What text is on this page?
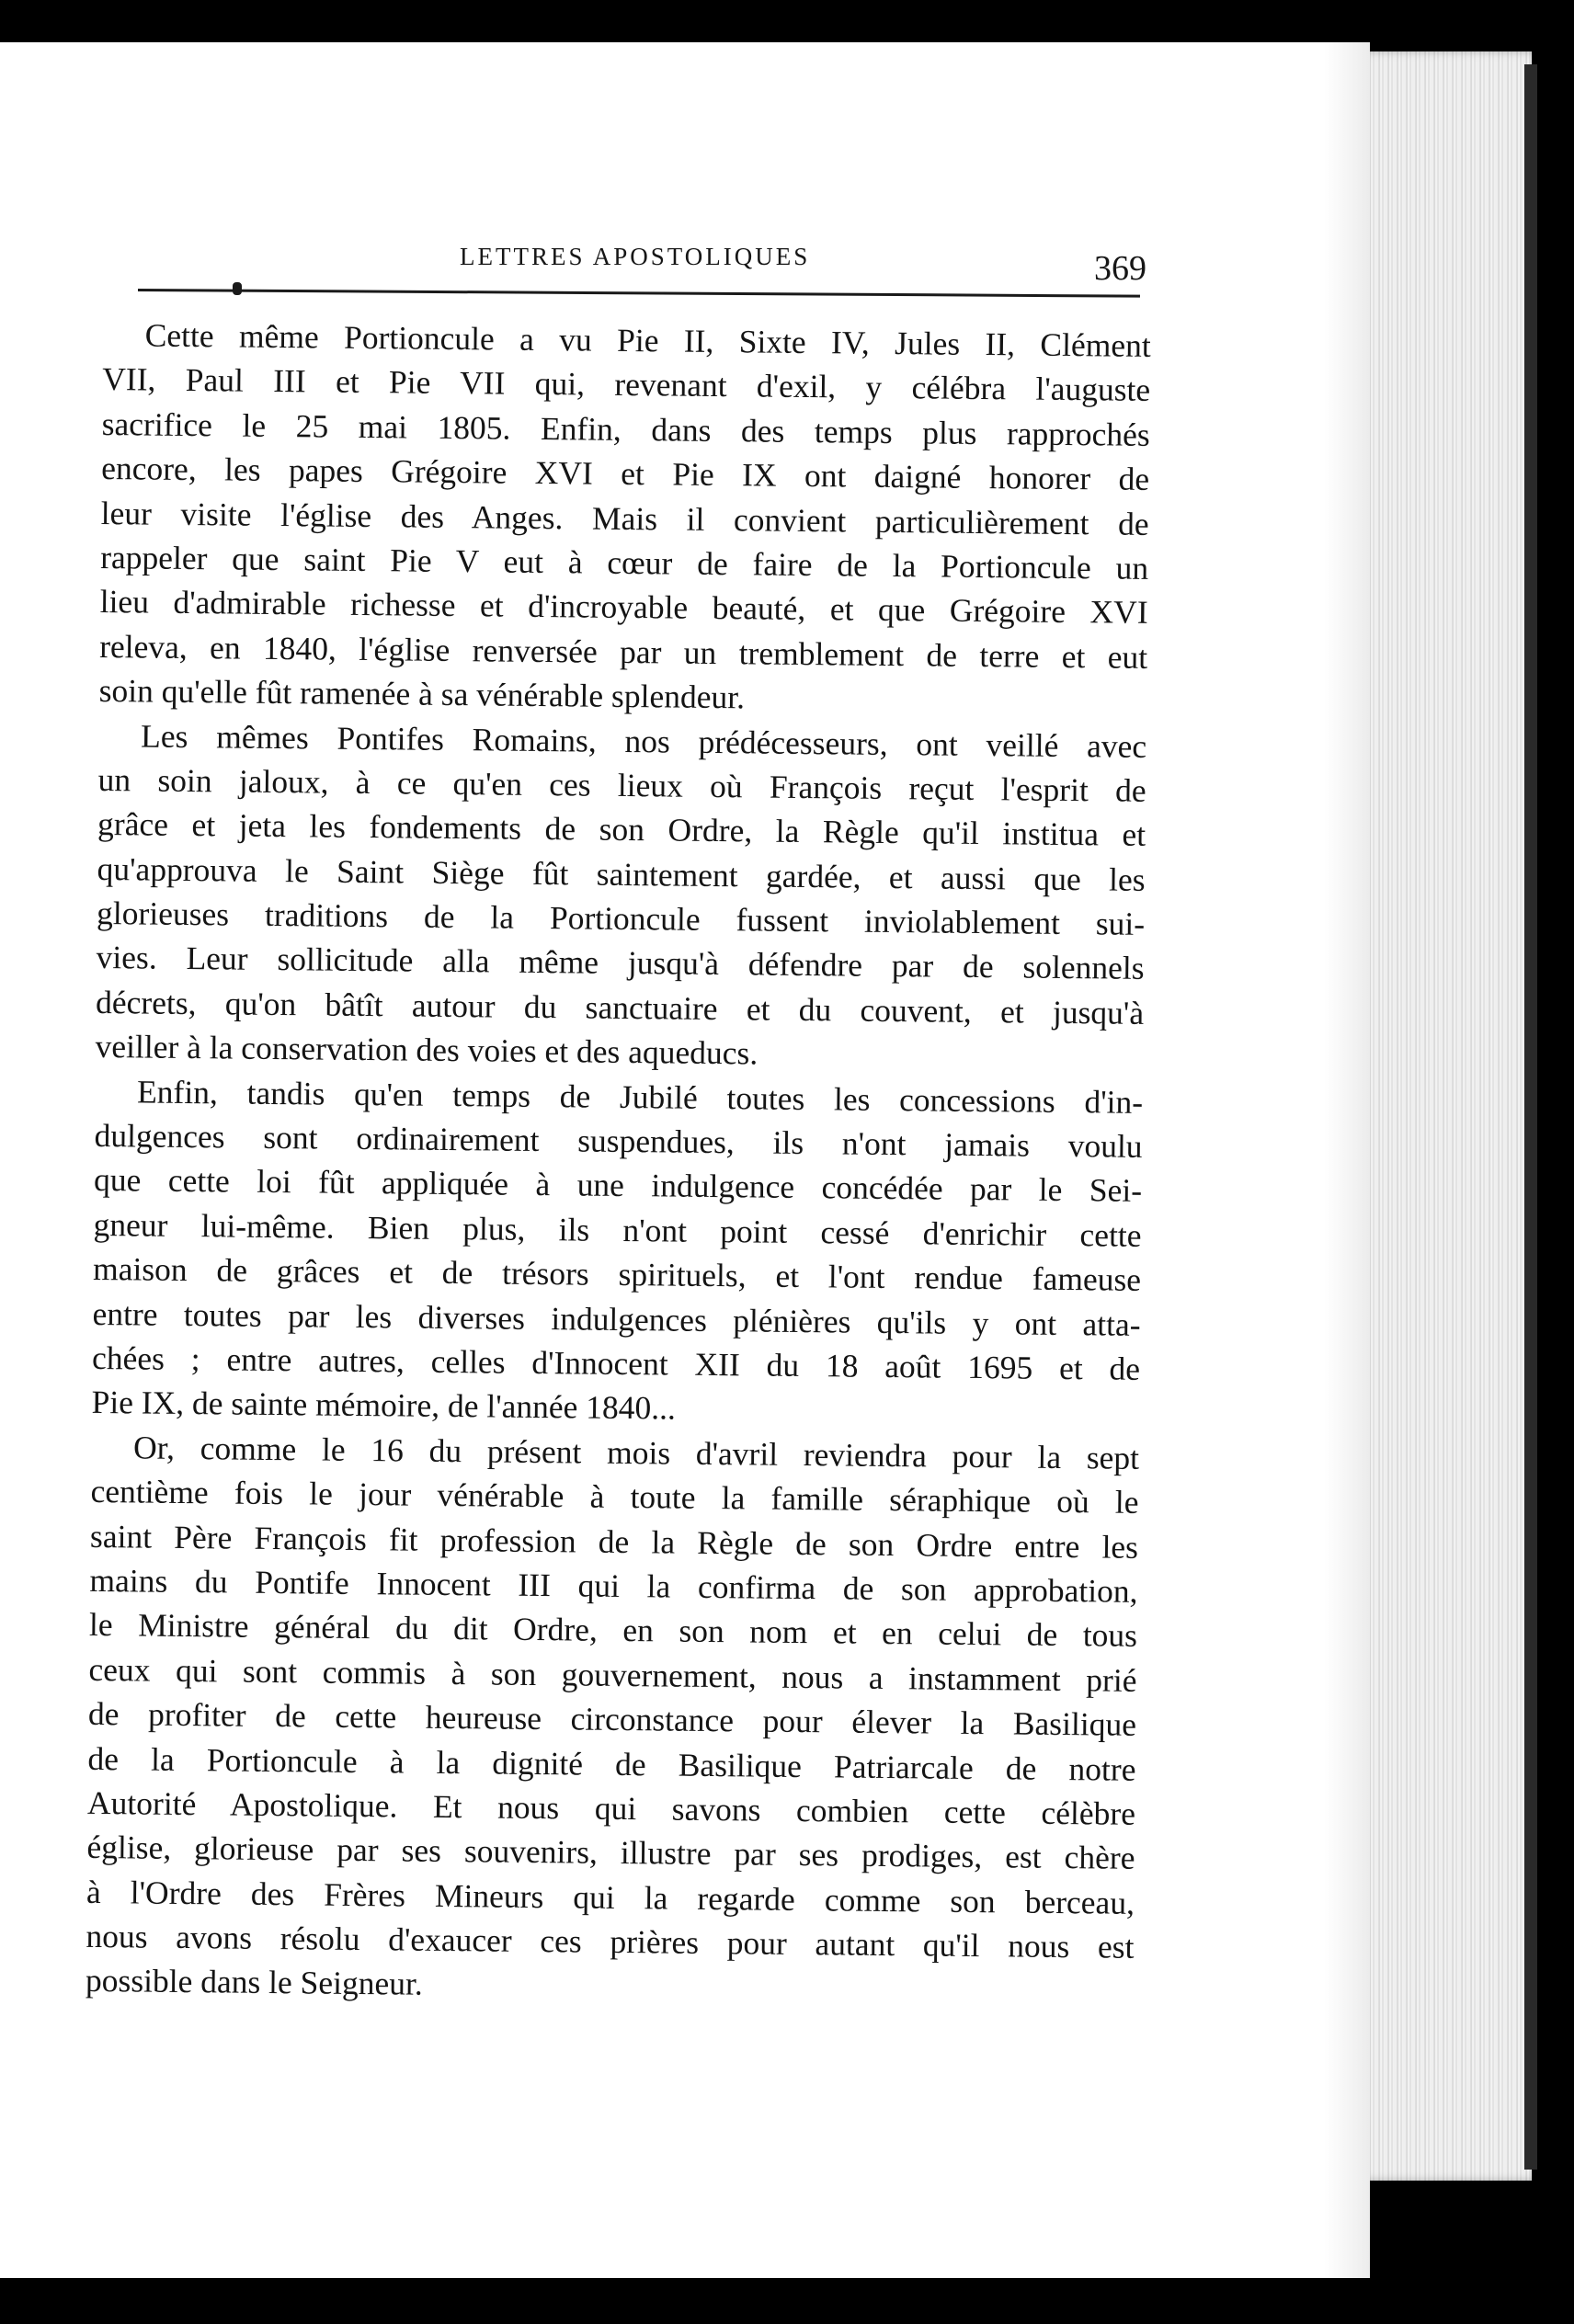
LETTRES APOSTOLIQUES	369
Cette même Portioncule a vu Pie II, Sixte IV, Jules II, Clément
VII, Paul III et Pie VII qui, revenant d'exil, y célébra l'auguste
sacrifice le 25 mai 1805. Enfin, dans des temps plus rapprochés
encore, les papes Grégoire XVI et Pie IX ont daigné honorer de
leur visite l'église des Anges. Mais il convient particulièrement de
rappeler que saint Pie V eut à cœur de faire de la Portioncule un
lieu d'admirable richesse et d'incroyable beauté, et que Grégoire XVI
releva, en 1840, l'église renversée par un tremblement de terre et eut
soin qu'elle fût ramenée à sa vénérable splendeur.
Les mêmes Pontifes Romains, nos prédécesseurs, ont veillé avec
un soin jaloux, à ce qu'en ces lieux où François reçut l'esprit de
grâce et jeta les fondements de son Ordre, la Règle qu'il institua et
qu'approuva le Saint Siège fût saintement gardée, et aussi que les
glorieuses traditions de la Portioncule fussent inviolablement sui-
vies. Leur sollicitude alla même jusqu'à défendre par de solennels
décrets, qu'on bâtît autour du sanctuaire et du couvent, et jusqu'à
veiller à la conservation des voies et des aqueducs.
Enfin, tandis qu'en temps de Jubilé toutes les concessions d'in-
dulgences sont ordinairement suspendues, ils n'ont jamais voulu
que cette loi fût appliquée à une indulgence concédée par le Sei-
gneur lui-même. Bien plus, ils n'ont point cessé d'enrichir cette
maison de grâces et de trésors spirituels, et l'ont rendue fameuse
entre toutes par les diverses indulgences plénières qu'ils y ont atta-
chées ; entre autres, celles d'Innocent XII du 18 août 1695 et de
Pie IX, de sainte mémoire, de l'année 1840...
Or, comme le 16 du présent mois d'avril reviendra pour la sept
centième fois le jour vénérable à toute la famille séraphique où le
saint Père François fit profession de la Règle de son Ordre entre les
mains du Pontife Innocent III qui la confirma de son approbation,
le Ministre général du dit Ordre, en son nom et en celui de tous
ceux qui sont commis à son gouvernement, nous a instamment prié
de profiter de cette heureuse circonstance pour élever la Basilique
de la Portioncule à la dignité de Basilique Patriarcale de notre
Autorité Apostolique. Et nous qui savons combien cette célèbre
église, glorieuse par ses souvenirs, illustre par ses prodiges, est chère
à l'Ordre des Frères Mineurs qui la regarde comme son berceau,
nous avons résolu d'exaucer ces prières pour autant qu'il nous est
possible dans le Seigneur.
